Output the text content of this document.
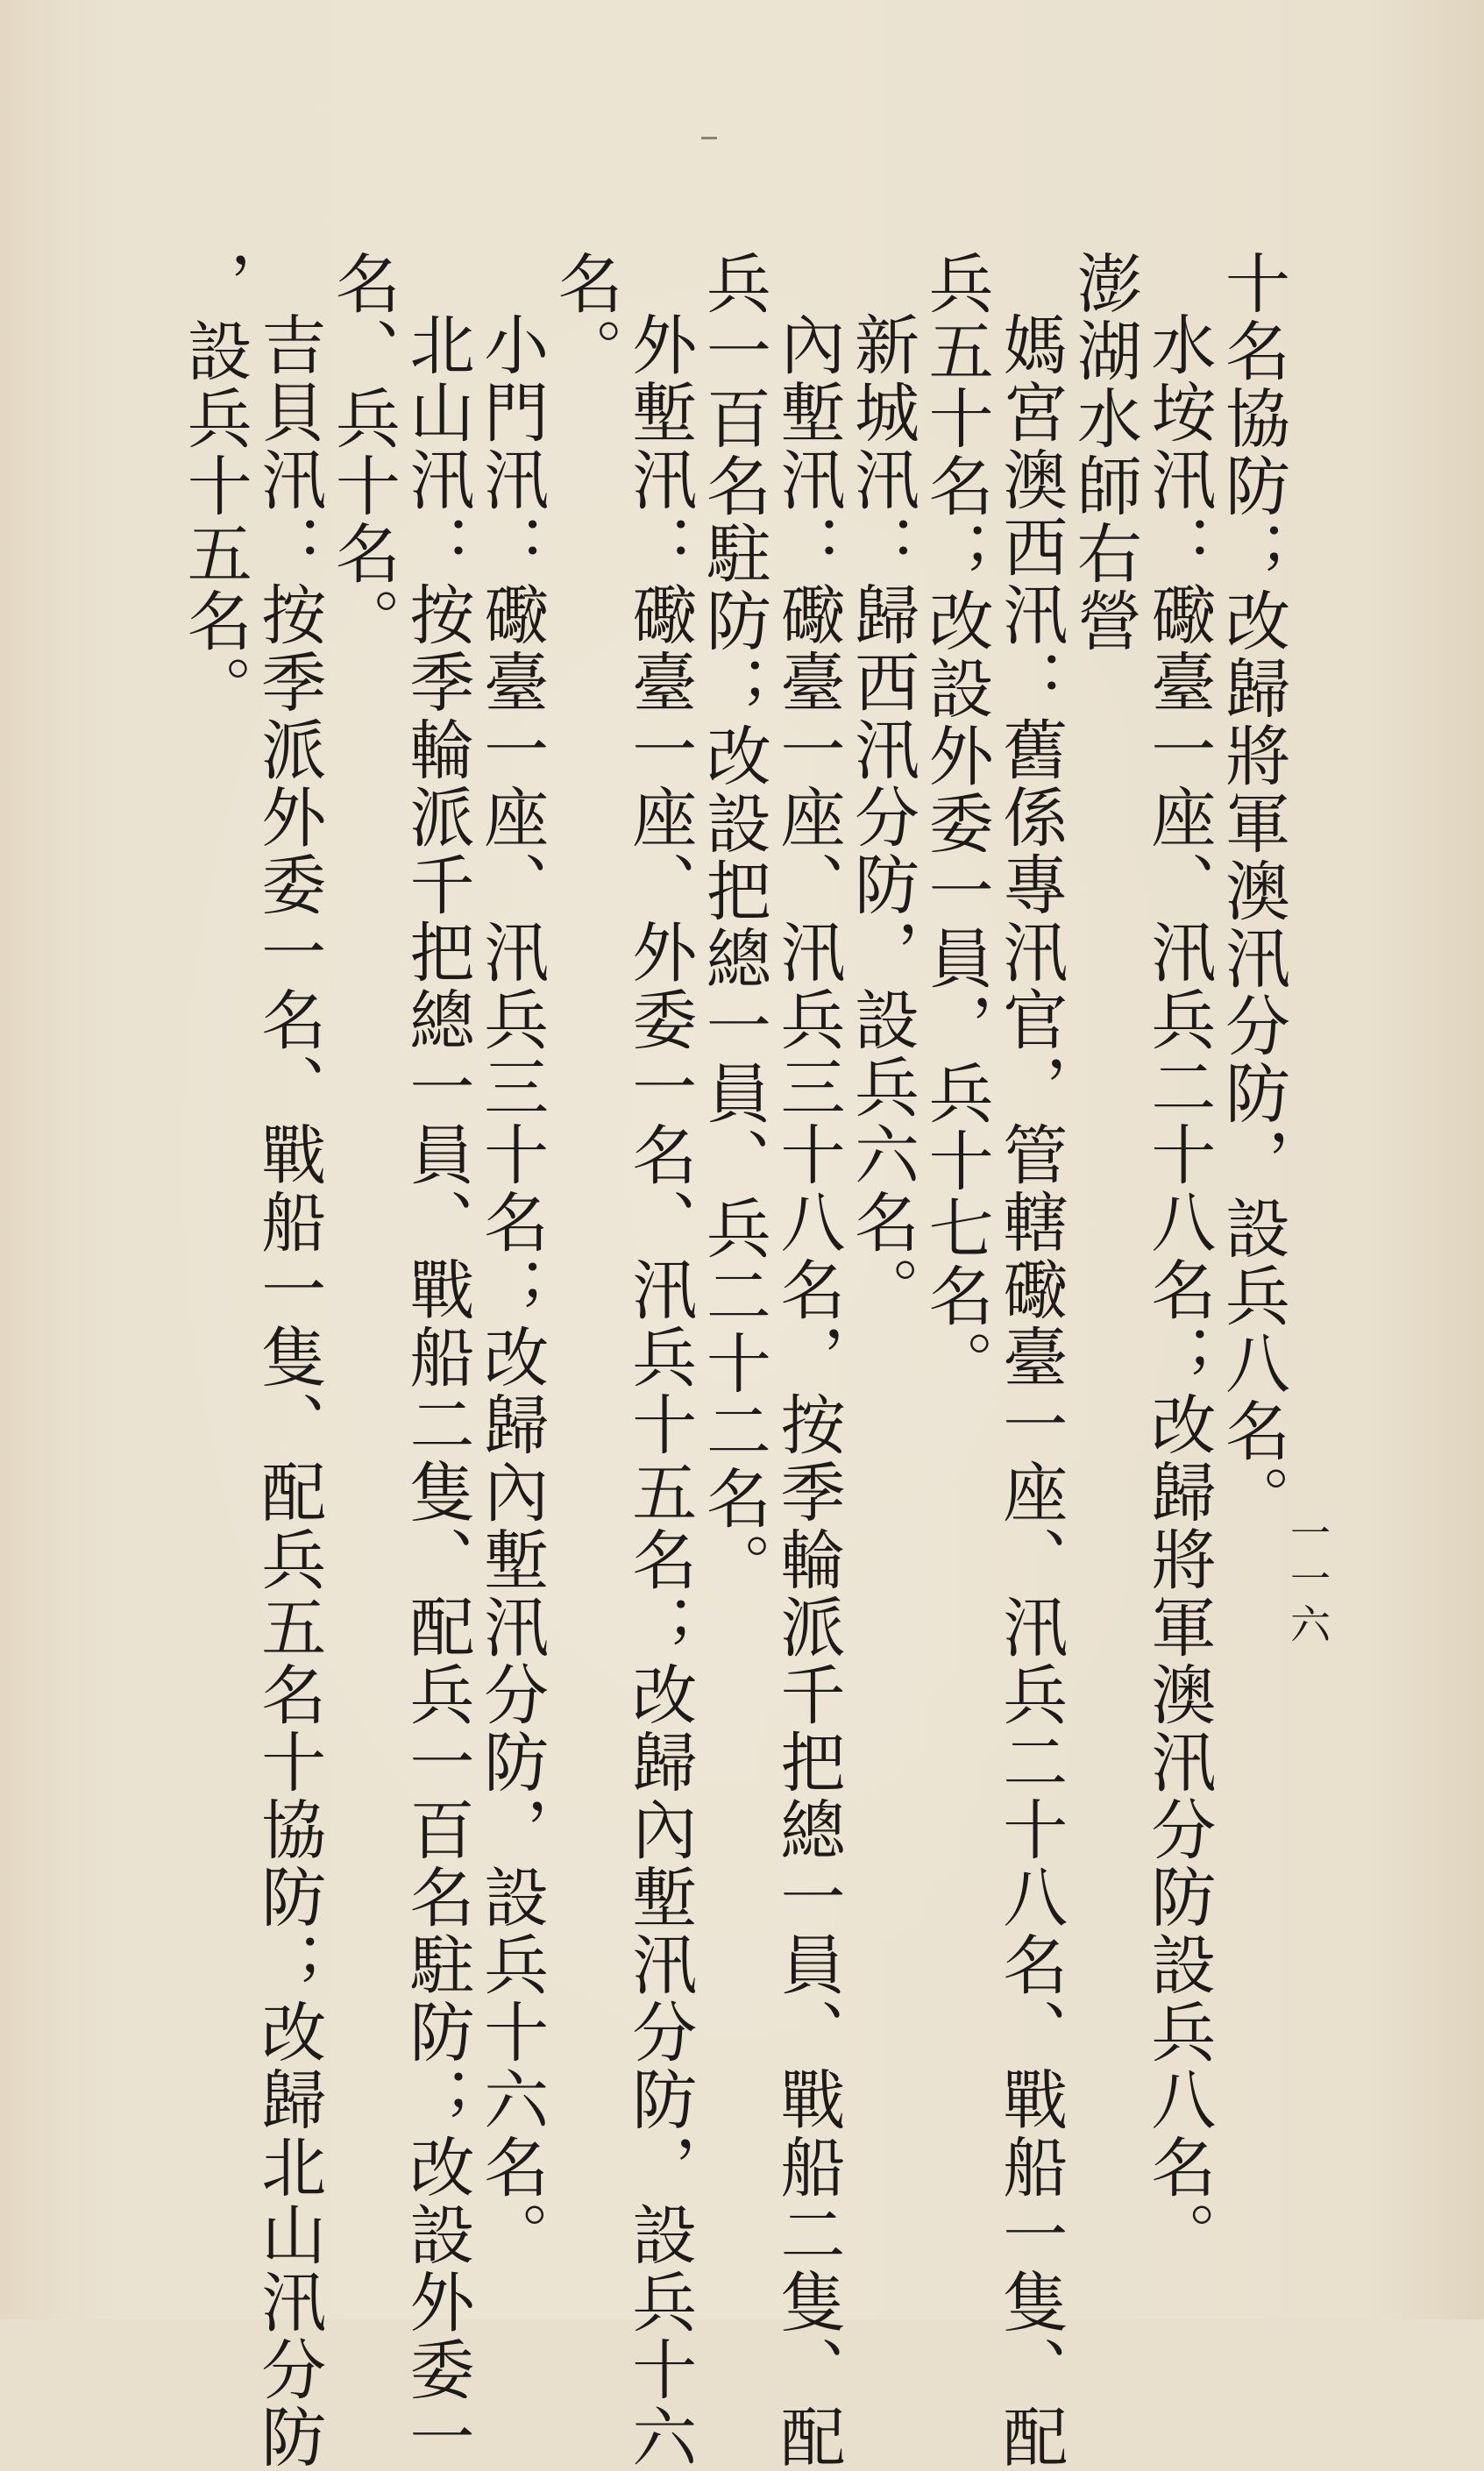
一一六
十名協防；改歸將軍澳汛分防，設兵八名。
水垵汛：礮臺一座、汛兵二十八名；改歸將軍澳汛分防設兵八名。
澎湖水師右營
媽宮澳西汛：舊係專汛官，管轄礮臺一座、汛兵二十八名、戰船一隻、配
兵五十名；改設外委一員，兵十七名。
新城汛：歸西汛分防，設兵六名。
內塹汛：礮臺一座、汛兵三十八名，按季輪派千把總一員、戰船二隻、配
兵一百名駐防；改設把總一員、兵二十二名。
外塹汛：礮臺一座、外委一名、汛兵十五名；改歸內塹汛分防，設兵十六
名。
小門汛：礮臺一座、汛兵三十名；改歸內塹汛分防，設兵十六名。
北山汛：按季輪派千把總一員、戰船二隻、配兵一百名駐防；改設外委一
名、兵十名。
吉貝汛：按季派外委一名、戰船一隻、配兵五名十協防；改歸北山汛分防
，設兵十五名。
